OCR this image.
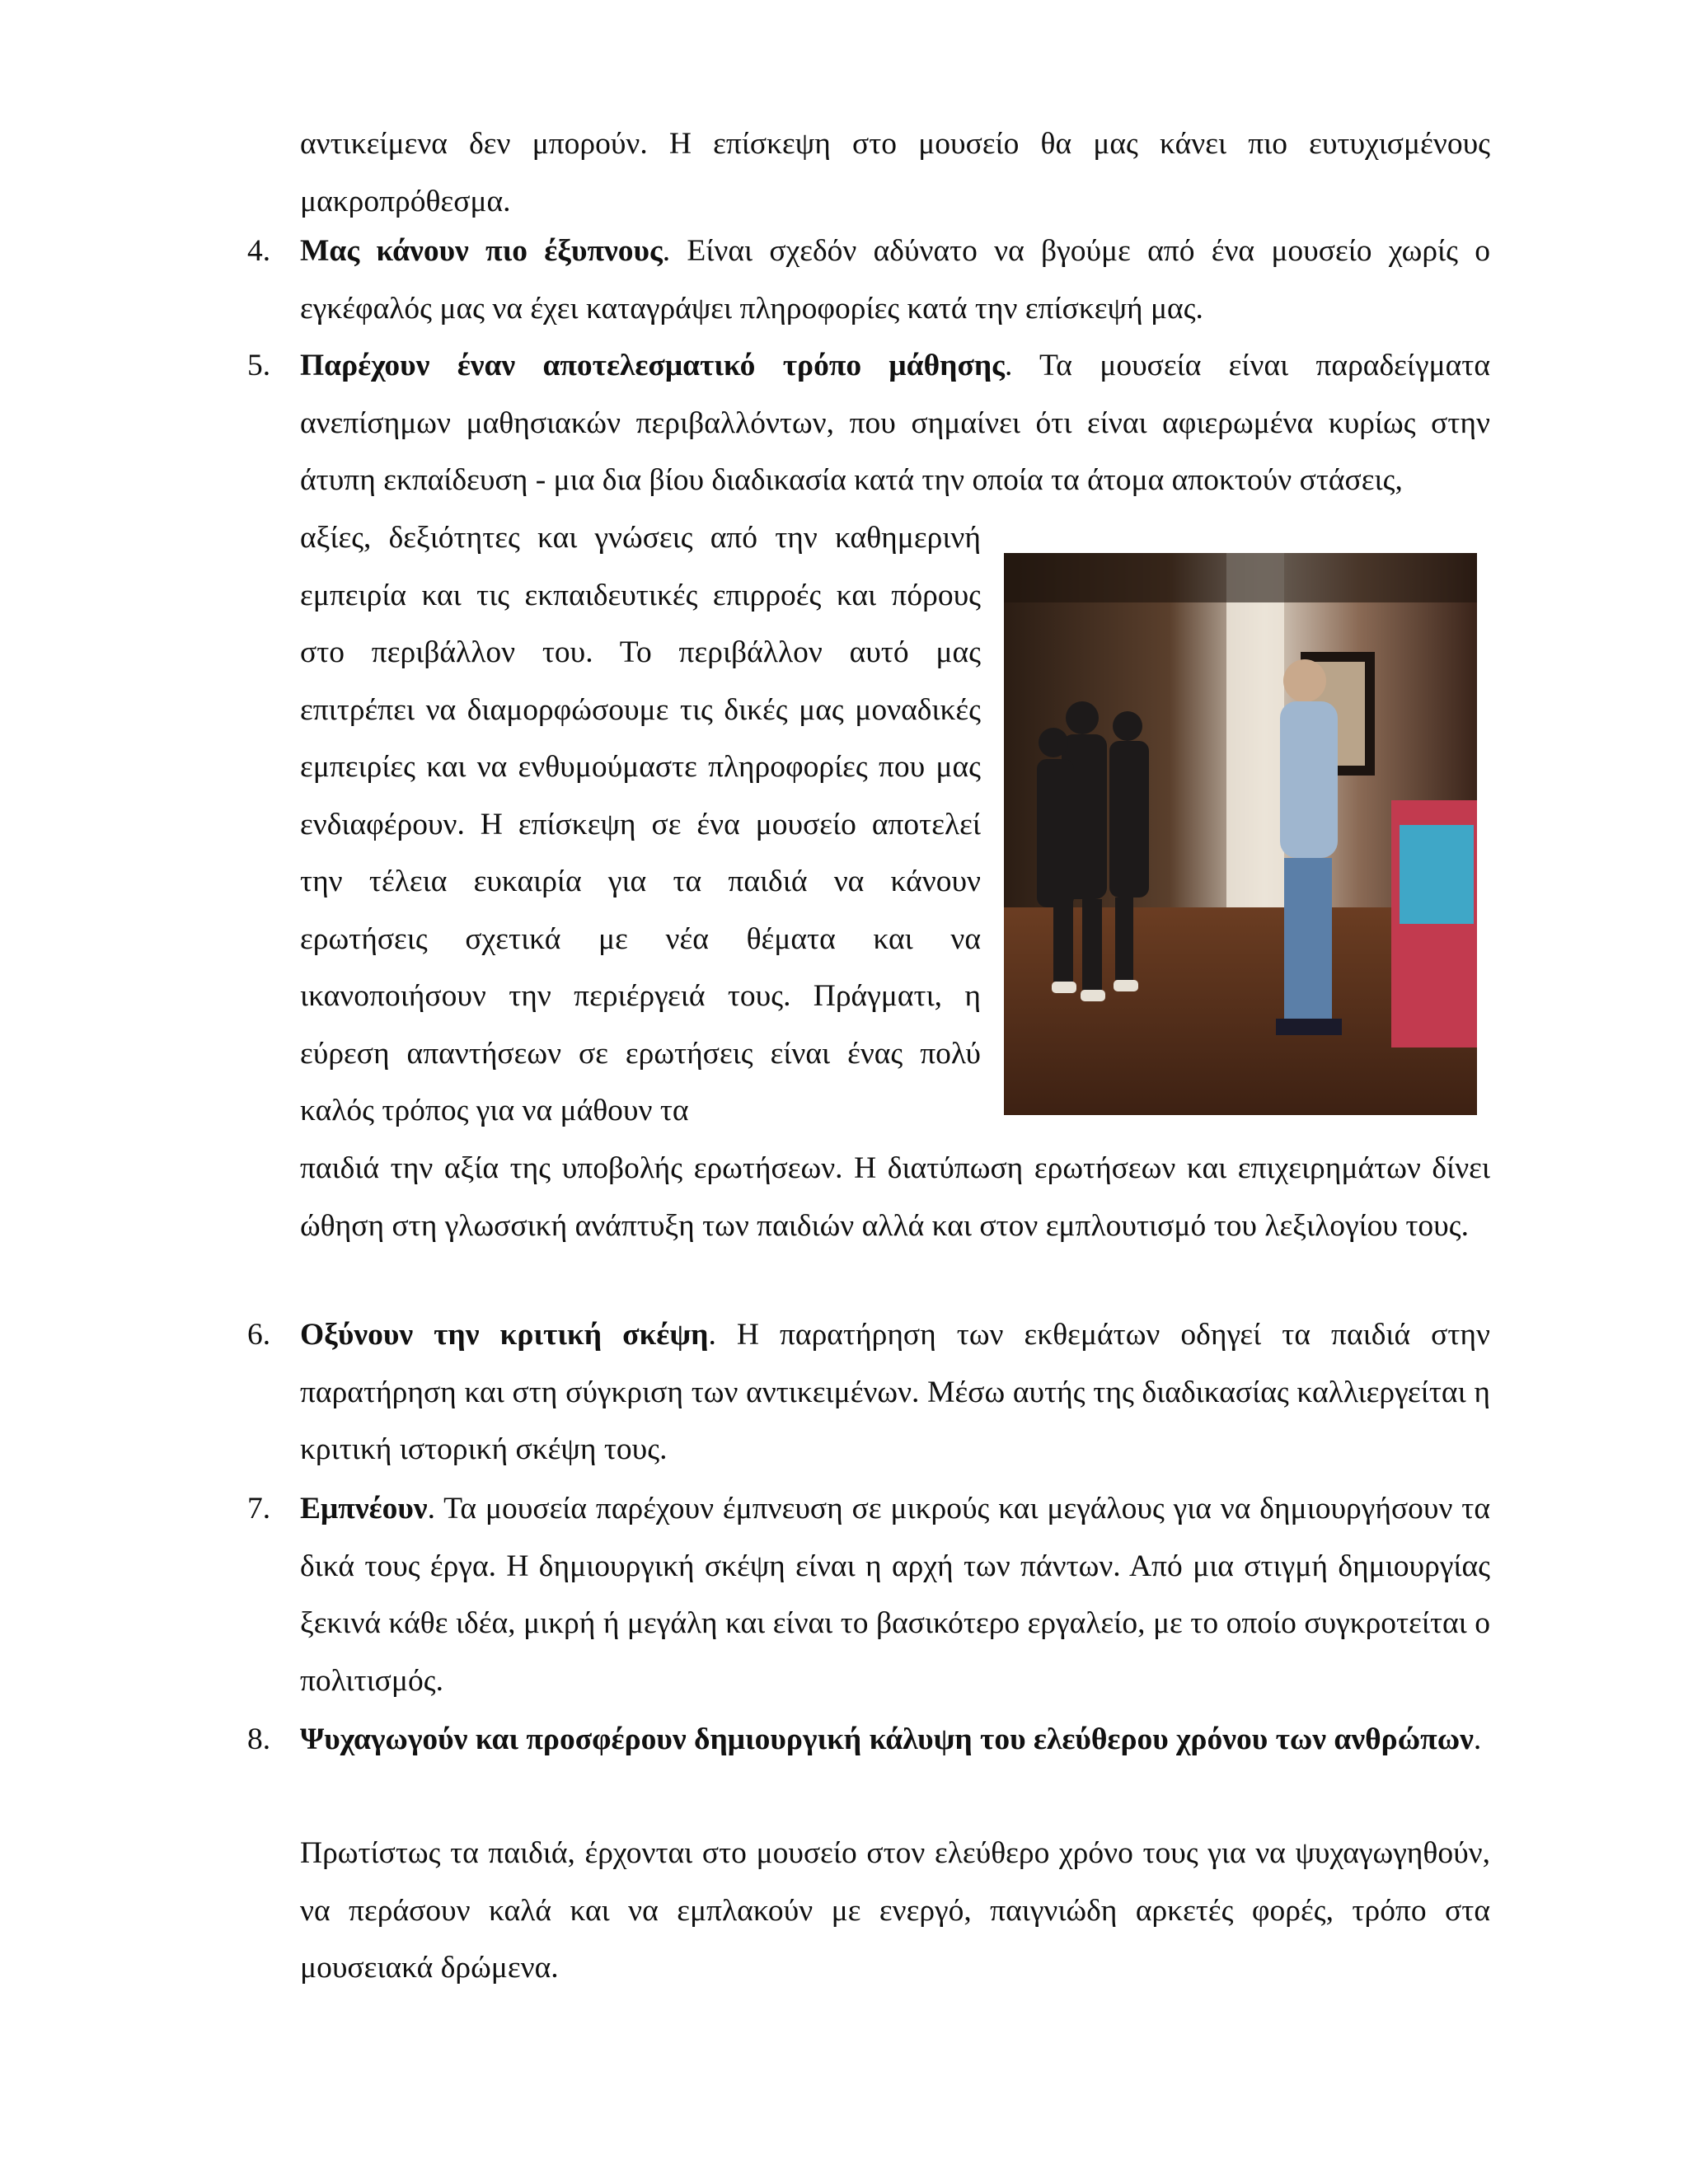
αντικείμενα δεν μπορούν. Η επίσκεψη στο μουσείο θα μας κάνει πιο ευτυχισμένους μακροπρόθεσμα.

4. Μας κάνουν πιο έξυπνους. Είναι σχεδόν αδύνατο να βγούμε από ένα μουσείο χωρίς ο εγκέφαλός μας να έχει καταγράψει πληροφορίες κατά την επίσκεψή μας.

5. Παρέχουν έναν αποτελεσματικό τρόπο μάθησης. Τα μουσεία είναι παραδείγματα ανεπίσημων μαθησιακών περιβαλλόντων, που σημαίνει ότι είναι αφιερωμένα κυρίως στην άτυπη εκπαίδευση - μια δια βίου διαδικασία κατά την οποία τα άτομα αποκτούν στάσεις,

αξίες, δεξιότητες και γνώσεις από την καθημερινή εμπειρία και τις εκπαιδευτικές επιρροές και πόρους στο περιβάλλον του. Το περιβάλλον αυτό μας επιτρέπει να διαμορφώσουμε τις δικές μας μοναδικές εμπειρίες και να ενθυμούμαστε πληροφορίες που μας ενδιαφέρουν. Η επίσκεψη σε ένα μουσείο αποτελεί την τέλεια ευκαιρία για τα παιδιά να κάνουν ερωτήσεις σχετικά με νέα θέματα και να ικανοποιήσουν την περιέργειά τους. Πράγματι, η εύρεση απαντήσεων σε ερωτήσεις είναι ένας πολύ καλός τρόπος για να μάθουν τα

παιδιά την αξία της υποβολής ερωτήσεων. Η διατύπωση ερωτήσεων και επιχειρημάτων δίνει ώθηση στη γλωσσική ανάπτυξη των παιδιών αλλά και στον εμπλουτισμό του λεξιλογίου τους.

6. Οξύνουν την κριτική σκέψη. Η παρατήρηση των εκθεμάτων οδηγεί τα παιδιά στην παρατήρηση και στη σύγκριση των αντικειμένων. Μέσω αυτής της διαδικασίας καλλιεργείται η κριτική ιστορική σκέψη τους.

7. Εμπνέουν. Τα μουσεία παρέχουν έμπνευση σε μικρούς και μεγάλους για να δημιουργήσουν τα δικά τους έργα. Η δημιουργική σκέψη είναι η αρχή των πάντων. Από μια στιγμή δημιουργίας ξεκινά κάθε ιδέα, μικρή ή μεγάλη και είναι το βασικότερο εργαλείο, με το οποίο συγκροτείται ο πολιτισμός.

8. Ψυχαγωγούν και προσφέρουν δημιουργική κάλυψη του ελεύθερου χρόνου των ανθρώπων.

Πρωτίστως τα παιδιά, έρχονται στο μουσείο στον ελεύθερο χρόνο τους για να ψυχαγωγηθούν, να περάσουν καλά και να εμπλακούν με ενεργό, παιγνιώδη αρκετές φορές, τρόπο στα μουσειακά δρώμενα.
